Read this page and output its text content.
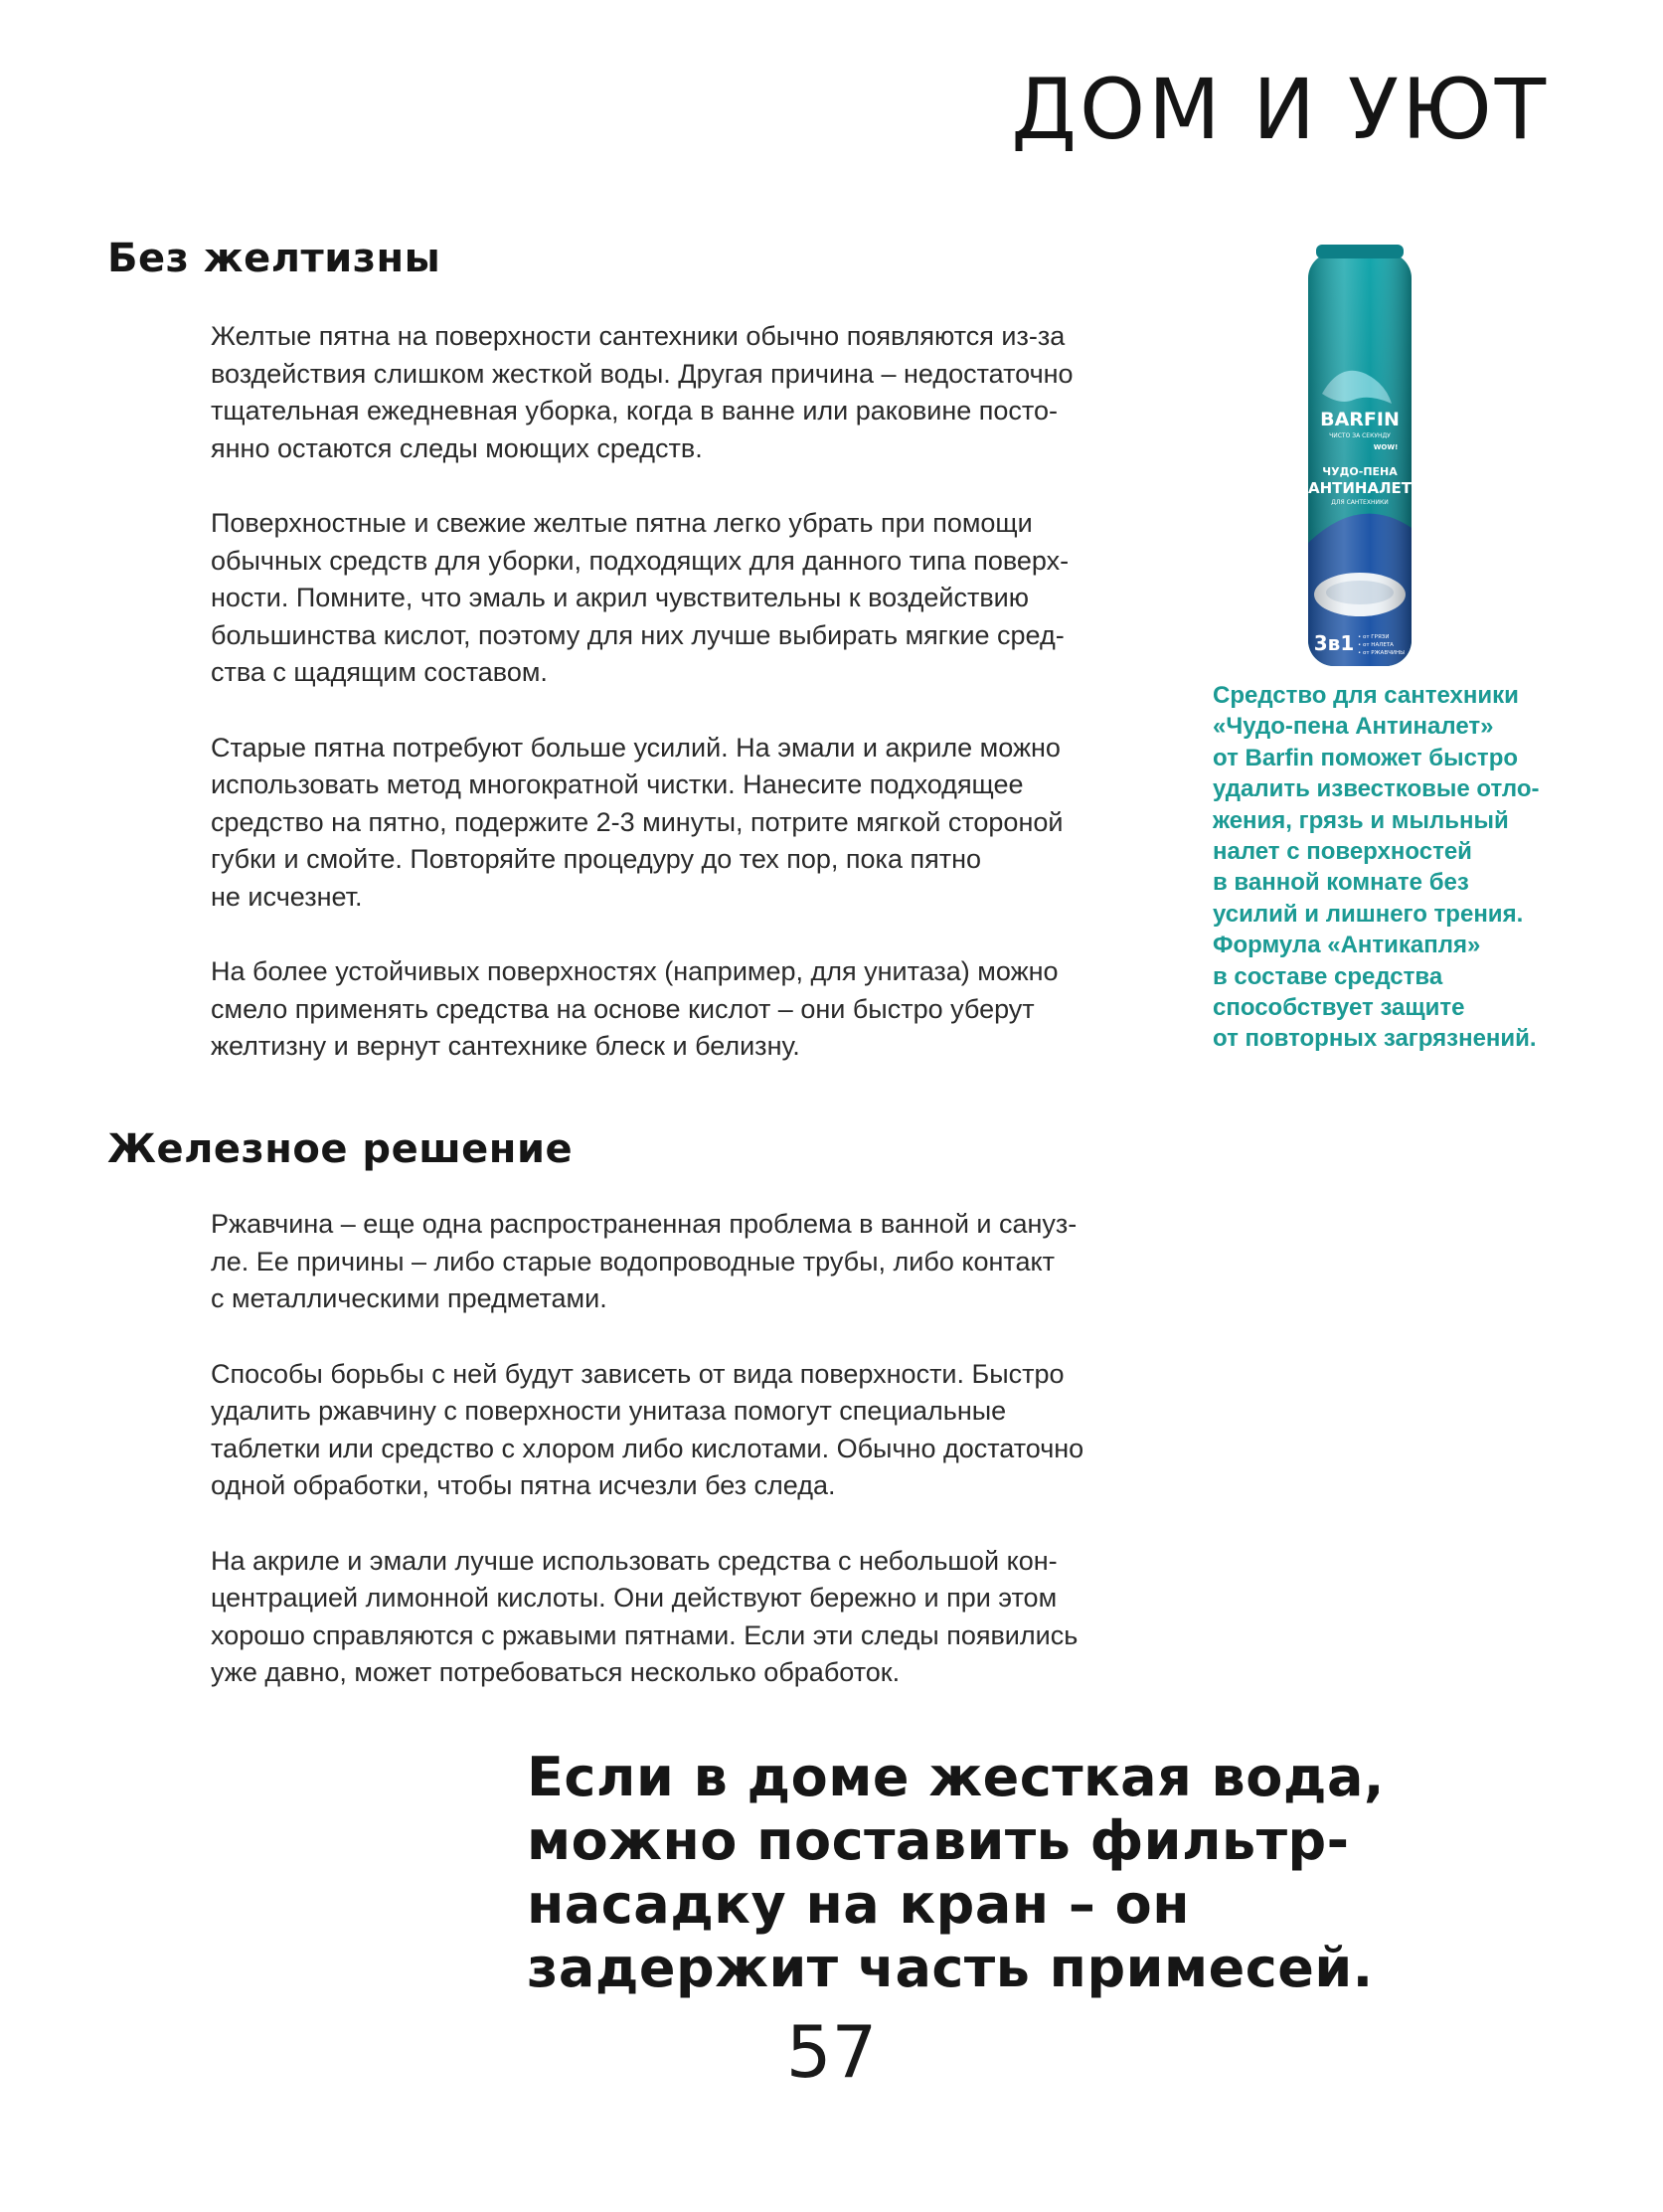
ДОМ И УЮТ
Без желтизны

Желтые пятна на поверхности сантехники обычно появляются из-за
воздействия слишком жесткой воды. Другая причина – недостаточно
тщательная ежедневная уборка, когда в ванне или раковине посто-
янно остаются следы моющих средств.

Поверхностные и свежие желтые пятна легко убрать при помощи
обычных средств для уборки, подходящих для данного типа поверх-
ности. Помните, что эмаль и акрил чувствительны к воздействию
большинства кислот, поэтому для них лучше выбирать мягкие сред-
ства с щадящим составом.

Старые пятна потребуют больше усилий. На эмали и акриле можно
использовать метод многократной чистки. Нанесите подходящее
средство на пятно, подержите 2-3 минуты, потрите мягкой стороной
губки и смойте. Повторяйте процедуру до тех пор, пока пятно
не исчезнет.

На более устойчивых поверхностях (например, для унитаза) можно
смело применять средства на основе кислот – они быстро уберут
желтизну и вернут сантехнике блеск и белизну.

BARFIN
ЧИСТО ЗА СЕКУНДУ
WOW!
ЧУДО-ПЕНА
АНТИНАЛЕТ
ДЛЯ САНТЕХНИКИ
3в1 • от ГРЯЗИ
• от НАЛЕТА
• от РЖАВЧИНЫ
Средство для сантехники
«Чудо-пена Антиналет»
от Barfin поможет быстро
удалить известковые отло-
жения, грязь и мыльный
налет с поверхностей
в ванной комнате без
усилий и лишнего трения.
Формула «Антикапля»
в составе средства
способствует защите
от повторных загрязнений.
Железное решение

Ржавчина – еще одна распространенная проблема в ванной и сануз-
ле. Ее причины – либо старые водопроводные трубы, либо контакт
с металлическими предметами.

Способы борьбы с ней будут зависеть от вида поверхности. Быстро
удалить ржавчину с поверхности унитаза помогут специальные
таблетки или средство с хлором либо кислотами. Обычно достаточно
одной обработки, чтобы пятна исчезли без следа.

На акриле и эмали лучше использовать средства с небольшой кон-
центрацией лимонной кислоты. Они действуют бережно и при этом
хорошо справляются с ржавыми пятнами. Если эти следы появились
уже давно, может потребоваться несколько обработок.

Если в доме жесткая вода,
можно поставить фильтр-
насадку на кран – он
задержит часть примесей.
57
